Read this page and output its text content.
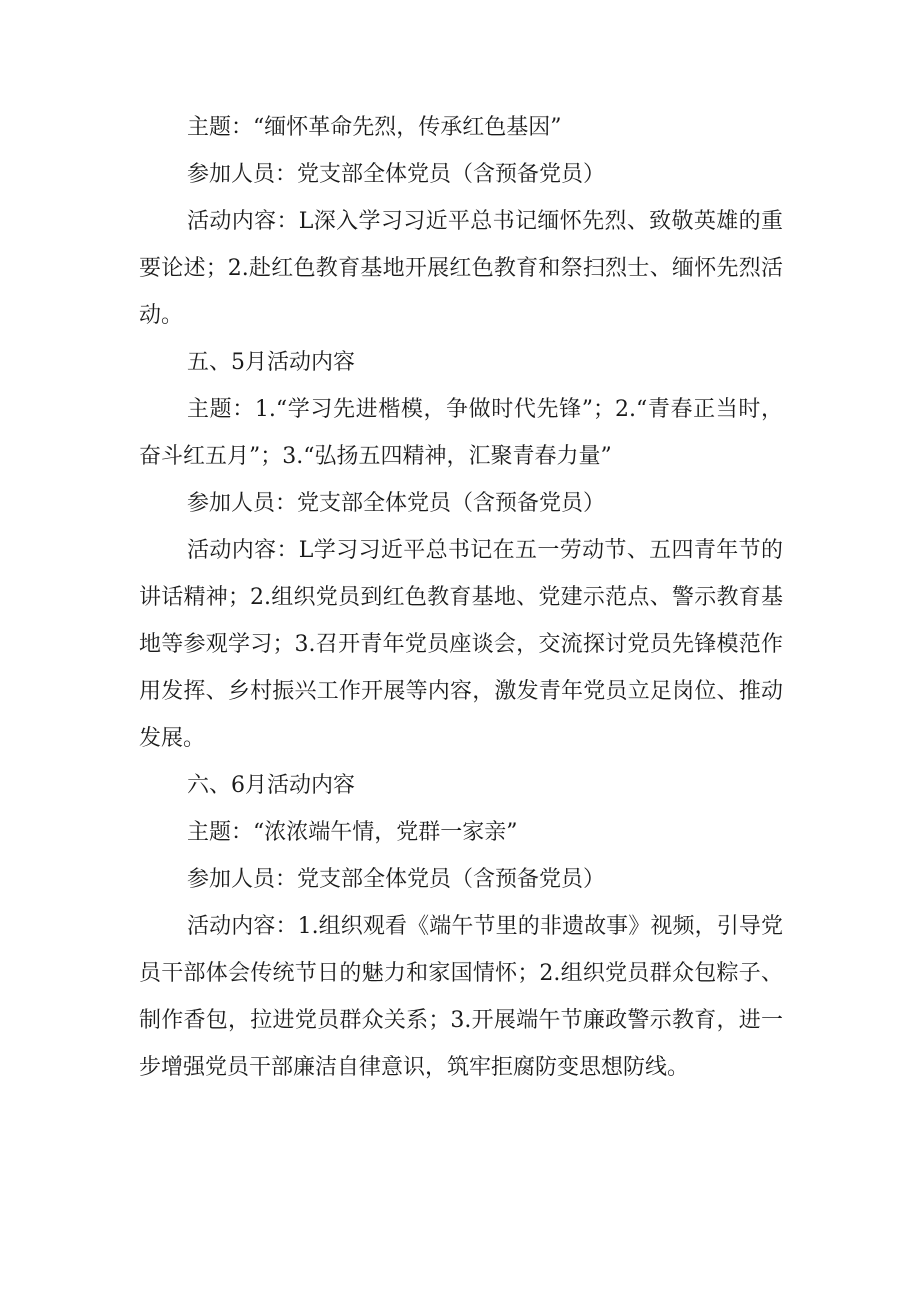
主题：“缅怀革命先烈，传承红色基因”

参加人员：党支部全体党员（含预备党员）

活动内容：L深入学习习近平总书记缅怀先烈、致敬英雄的重要论述；2.赴红色教育基地开展红色教育和祭扫烈士、缅怀先烈活动。

五、5月活动内容

主题：1.“学习先进楷模，争做时代先锋”；2.“青春正当时，奋斗红五月”；3.“弘扬五四精神，汇聚青春力量”

参加人员：党支部全体党员（含预备党员）

活动内容：L学习习近平总书记在五一劳动节、五四青年节的讲话精神；2.组织党员到红色教育基地、党建示范点、警示教育基地等参观学习；3.召开青年党员座谈会，交流探讨党员先锋模范作用发挥、乡村振兴工作开展等内容，激发青年党员立足岗位、推动发展。

六、6月活动内容

主题：“浓浓端午情，党群一家亲”

参加人员：党支部全体党员（含预备党员）

活动内容：1.组织观看《端午节里的非遗故事》视频，引导党员干部体会传统节日的魅力和家国情怀；2.组织党员群众包粽子、制作香包，拉进党员群众关系；3.开展端午节廉政警示教育，进一步增强党员干部廉洁自律意识，筑牢拒腐防变思想防线。
